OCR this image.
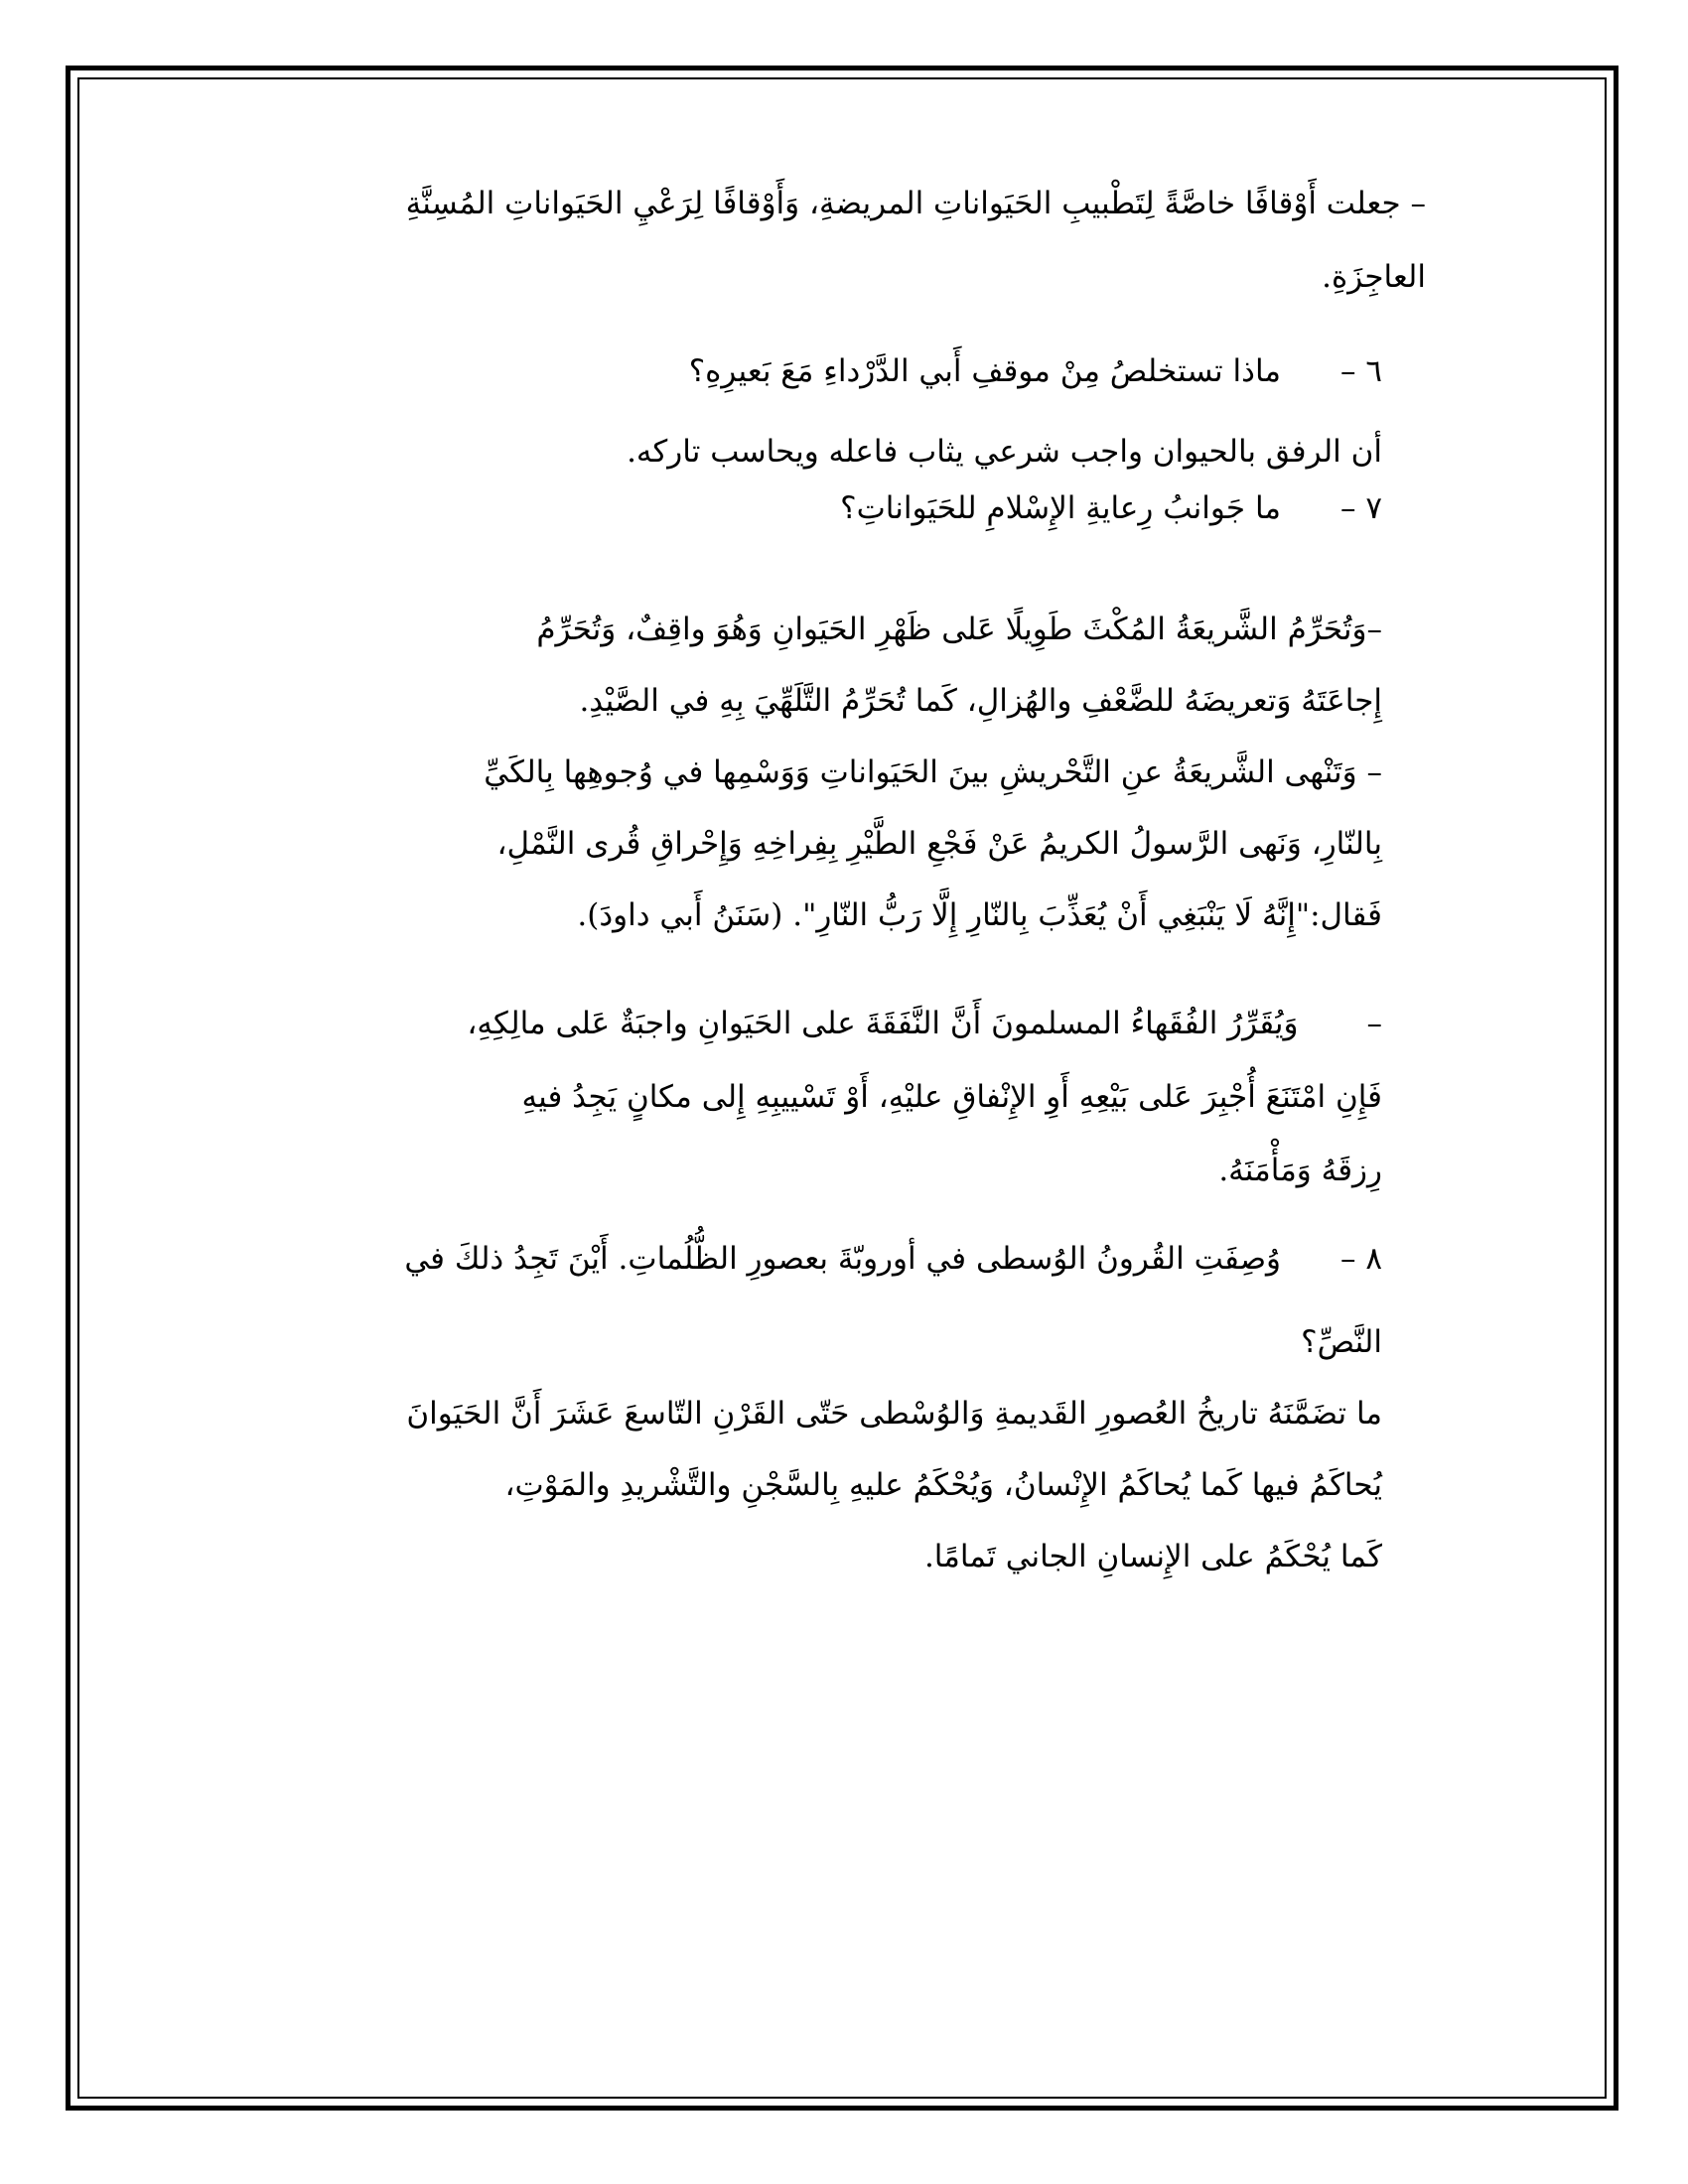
– جعلت أَوْقافًا خاصَّةً لِتَطْبيبِ الحَيَواناتِ المريضةِ، وَأَوْقافًا لِرَعْيِ الحَيَواناتِ المُسِنَّةِ
العاجِزَةِ.
٦ –
ماذا تستخلصُ مِنْ موقفِ أَبي الدَّرْداءِ مَعَ بَعيرِهِ؟
أن الرفق بالحيوان واجب شرعي يثاب فاعله ويحاسب تاركه.
٧ –
ما جَوانبُ رِعايةِ الإِسْلامِ للحَيَواناتِ؟
–وَتُحَرِّمُ الشَّريعَةُ المُكْثَ طَوِيلًا عَلى ظَهْرِ الحَيَوانِ وَهُوَ واقِفٌ، وَتُحَرِّمُ
إِجاعَتَهُ وَتعريضَهُ للضَّعْفِ والهُزالِ، كَما تُحَرِّمُ التَّلَهِّيَ بِهِ في الصَّيْدِ.
– وَتَنْهى الشَّريعَةُ عنِ التَّحْريشِ بينَ الحَيَواناتِ وَوَسْمِها في وُجوهِها بِالكَيِّ
بِالنّارِ، وَنَهى الرَّسولُ الكريمُ عَنْ فَجْعِ الطَّيْرِ بِفِراخِهِ وَإِحْراقِ قُرى النَّمْلِ،
فَقال:"إِنَّهُ لَا يَنْبَغِي أَنْ يُعَذِّبَ بِالنّارِ إِلَّا رَبُّ النّارِ". (سَنَنُ أَبي داودَ).
–       وَيُقَرِّرُ الفُقَهاءُ المسلمونَ أَنَّ النَّفَقَةَ على الحَيَوانِ واجبَةٌ عَلى مالِكِهِ،
فَإِنِ امْتَنَعَ أُجْبِرَ عَلى بَيْعِهِ أَوِ الإِنْفاقِ عليْهِ، أَوْ تَسْييبِهِ إِلى مكانٍ يَجِدُ فيهِ
رِزقَهُ وَمَأْمَنَهُ.
٨ –
وُصِفَتِ القُرونُ الوُسطى في أوروبّةَ بعصورِ الظُّلُماتِ. أَيْنَ تَجِدُ ذلكَ في
النَّصِّ؟
ما تضَمَّنَهُ تاريخُ العُصورِ القَديمةِ وَالوُسْطى حَتّى القَرْنِ التّاسعَ عَشَرَ أَنَّ الحَيَوانَ
يُحاكَمُ فيها كَما يُحاكَمُ الإِنْسانُ، وَيُحْكَمُ عليهِ بِالسَّجْنِ والتَّشْريدِ والمَوْتِ،
كَما يُحْكَمُ على الإِنسانِ الجاني تَمامًا.
